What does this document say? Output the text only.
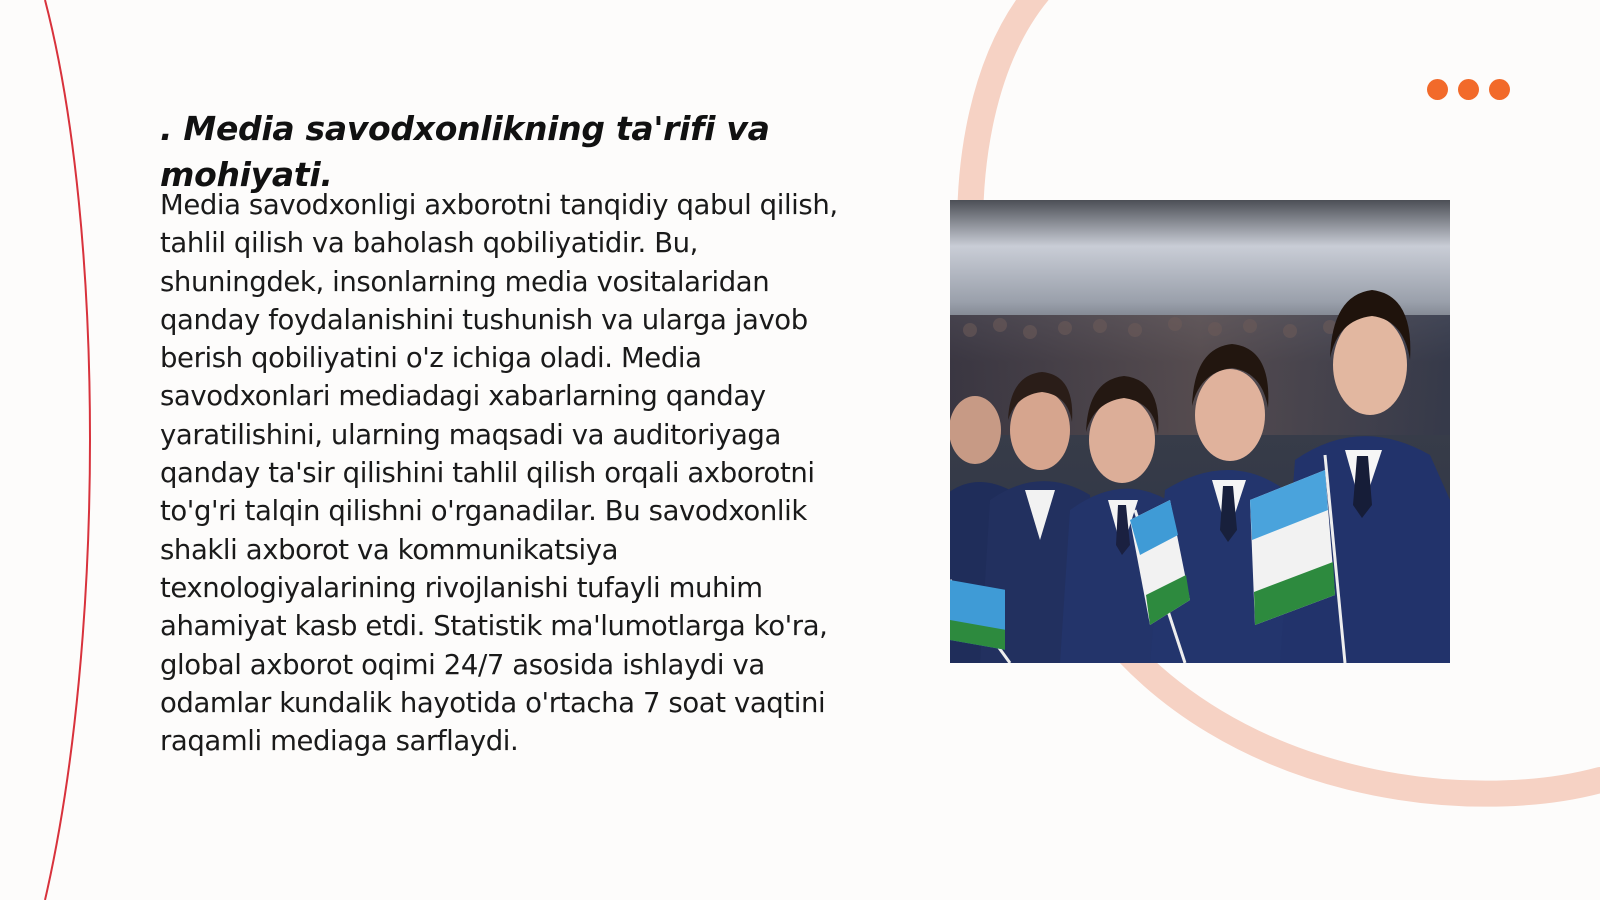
. Media savodxonlikning ta'rifi va mohiyati.

Media savodxonligi axborotni tanqidiy qabul qilish, tahlil qilish va baholash qobiliyatidir. Bu, shuningdek, insonlarning media vositalaridan qanday foydalanishini tushunish va ularga javob berish qobiliyatini o'z ichiga oladi. Media savodxonlari mediadagi xabarlarning qanday yaratilishini, ularning maqsadi va auditoriyaga qanday ta'sir qilishini tahlil qilish orqali axborotni to'g'ri talqin qilishni o'rganadilar. Bu savodxonlik shakli axborot va kommunikatsiya texnologiyalarining rivojlanishi tufayli muhim ahamiyat kasb etdi. Statistik ma'lumotlarga ko'ra, global axborot oqimi 24/7 asosida ishlaydi va odamlar kundalik hayotida o'rtacha 7 soat vaqtini raqamli mediaga sarflaydi.
